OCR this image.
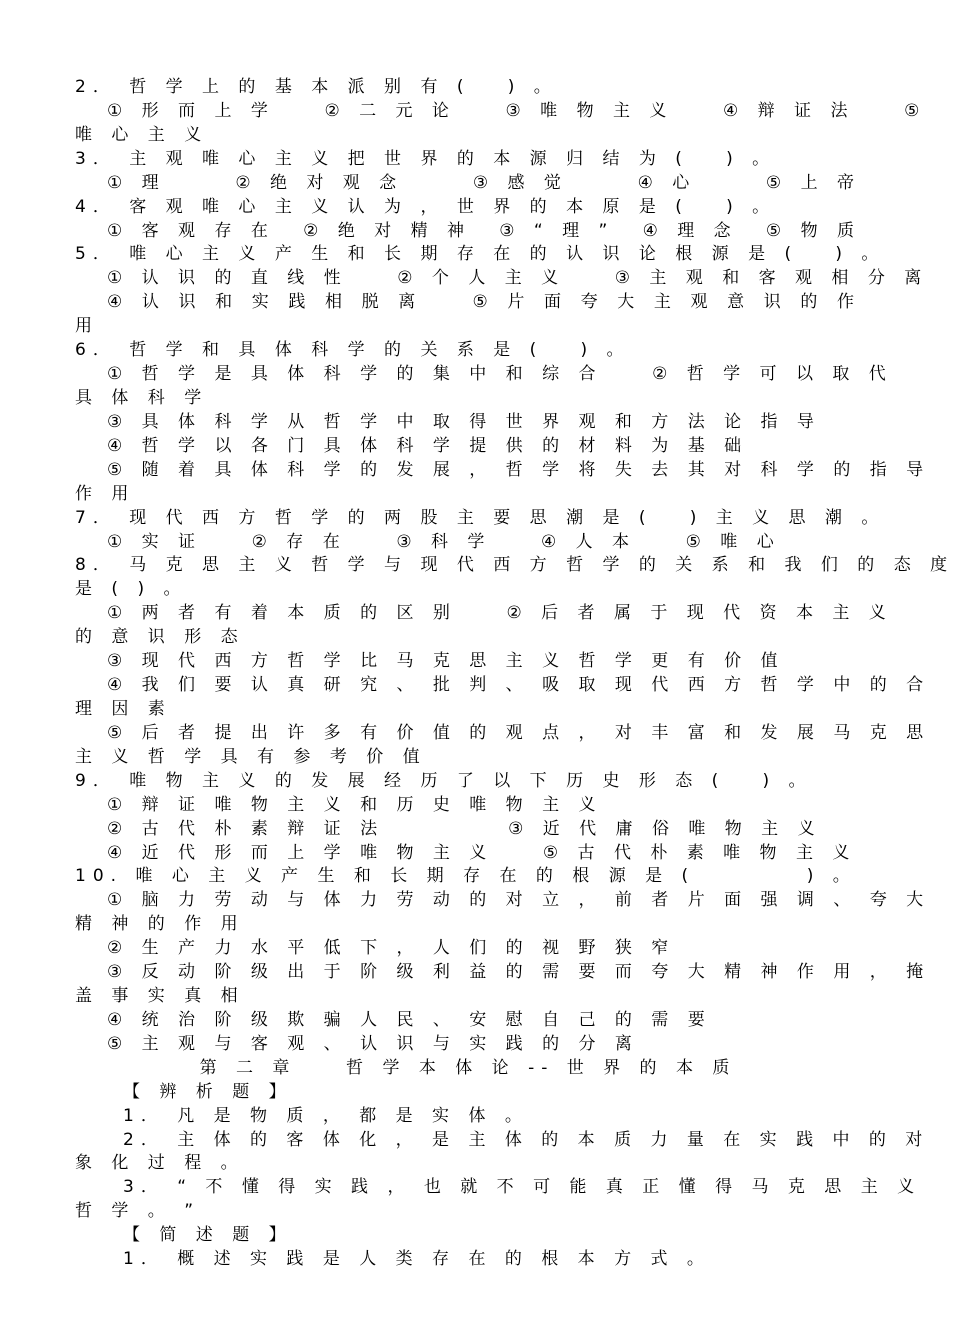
2． 哲 学 上 的 基 本 派 别 有 (   ) 。
① 形 而 上 学    ② 二 元 论    ③ 唯 物 主 义    ④ 辩 证 法    ⑤
唯 心 主 义
3． 主 观 唯 心 主 义 把 世 界 的 本 源 归 结 为 (   ) 。
① 理	② 绝 对 观 念	③ 感 觉	④ 心	⑤ 上 帝
4． 客 观 唯 心 主 义 认 为 ， 世 界 的 本 原 是 (   ) 。
① 客 观 存 在 ② 绝 对 精 神 ③ “ 理 ” ④ 理 念 ⑤ 物 质
5． 唯 心 主 义 产 生 和 长 期 存 在 的 认 识 论 根 源 是 (   ) 。
① 认 识 的 直 线 性    ② 个 人 主 义    ③ 主 观 和 客 观 相 分 离
④ 认 识 和 实 践 相 脱 离    ⑤ 片 面 夸 大 主 观 意 识 的 作
用
6． 哲 学 和 具 体 科 学 的 关 系 是 (   ) 。
① 哲 学 是 具 体 科 学 的 集 中 和 综 合    ② 哲 学 可 以 取 代
具 体 科 学
③ 具 体 科 学 从 哲 学 中 取 得 世 界 观 和 方 法 论 指 导
④ 哲 学 以 各 门 具 体 科 学 提 供 的 材 料 为 基 础
⑤ 随 着 具 体 科 学 的 发 展 ， 哲 学 将 失 去 其 对 科 学 的 指 导
作 用
7． 现 代 西 方 哲 学 的 两 股 主 要 思 潮 是 (   ) 主 义 思 潮 。
① 实 证    ② 存 在    ③ 科 学    ④ 人 本    ⑤ 唯 心
8． 马 克 思 主 义 哲 学 与 现 代 西 方 哲 学 的 关 系 和 我 们 的 态 度
是 ( ) 。
① 两 者 有 着 本 质 的 区 别    ② 后 者 属 于 现 代 资 本 主 义
的 意 识 形 态
③ 现 代 西 方 哲 学 比 马 克 思 主 义 哲 学 更 有 价 值
④ 我 们 要 认 真 研 究 、 批 判 、 吸 取 现 代 西 方 哲 学 中 的 合
理 因 素
⑤ 后 者 提 出 许 多 有 价 值 的 观 点 ， 对 丰 富 和 发 展 马 克 思
主 义 哲 学 具 有 参 考 价 值
9． 唯 物 主 义 的 发 展 经 历 了 以 下 历 史 形 态 (   ) 。
① 辩 证 唯 物 主 义 和 历 史 唯 物 主 义
② 古 代 朴 素 辩 证 法          ③ 近 代 庸 俗 唯 物 主 义
④ 近 代 形 而 上 学 唯 物 主 义    ⑤ 古 代 朴 素 唯 物 主 义
10. 唯 心 主 义 产 生 和 长 期 存 在 的 根 源 是 (         ) 。
① 脑 力 劳 动 与 体 力 劳 动 的 对 立 ， 前 者 片 面 强 调 、 夸 大
精 神 的 作 用
② 生 产 力 水 平 低 下 ， 人 们 的 视 野 狭 窄
③ 反 动 阶 级 出 于 阶 级 利 益 的 需 要 而 夸 大 精 神 作 用 ， 掩
盖 事 实 真 相
④ 统 治 阶 级 欺 骗 人 民 、 安 慰 自 己 的 需 要
⑤ 主 观 与 客 观 、 认 识 与 实 践 的 分 离
第 二 章    哲 学 本 体 论 -- 世 界 的 本 质
【 辨 析 题 】
1． 凡 是 物 质 ， 都 是 实 体 。
2． 主 体 的 客 体 化 ， 是 主 体 的 本 质 力 量 在 实 践 中 的 对
象 化 过 程 。
3． “ 不 懂 得 实 践 ， 也 就 不 可 能 真 正 懂 得 马 克 思 主 义
哲 学 。 ”
【 简 述 题 】
1． 概 述 实 践 是 人 类 存 在 的 根 本 方 式 。
